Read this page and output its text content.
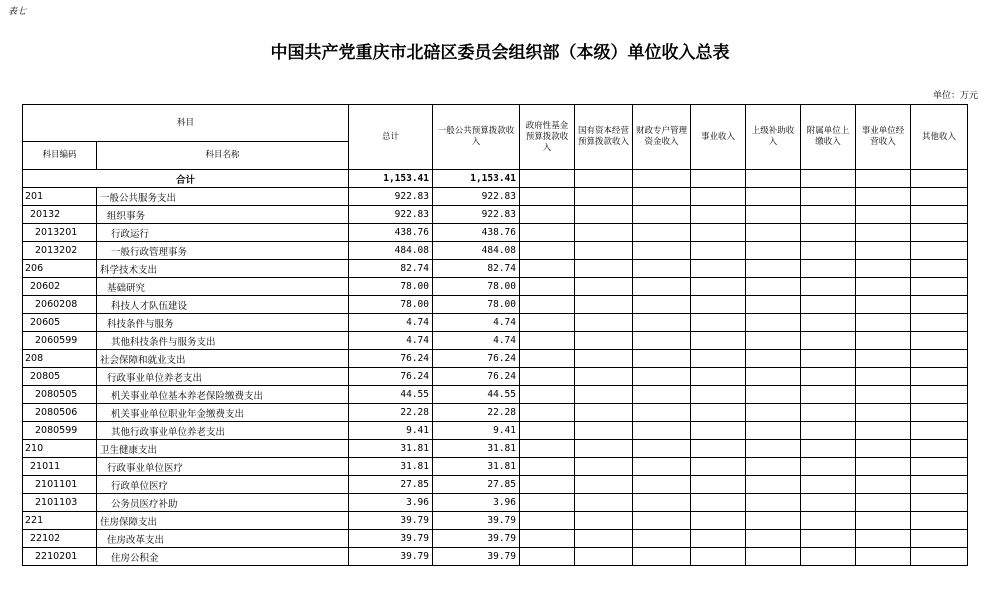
表七
中国共产党重庆市北碚区委员会组织部（本级）单位收入总表
单位：万元
科目		总计	一般公共预算拨款收入	政府性基金预算拨款收入	国有资本经营预算拨款收入	财政专户管理资金收入	事业收入	上级补助收入	附属单位上缴收入	事业单位经营收入	其他收入
科目编码	科目名称										
合计		1,153.41	1,153.41								
201	一般公共服务支出	922.83	922.83								
20132	组织事务	922.83	922.83								
2013201	行政运行	438.76	438.76								
2013202	一般行政管理事务	484.08	484.08								
206	科学技术支出	82.74	82.74								
20602	基础研究	78.00	78.00								
2060208	科技人才队伍建设	78.00	78.00								
20605	科技条件与服务	4.74	4.74								
2060599	其他科技条件与服务支出	4.74	4.74								
208	社会保障和就业支出	76.24	76.24								
20805	行政事业单位养老支出	76.24	76.24								
2080505	机关事业单位基本养老保险缴费支出	44.55	44.55								
2080506	机关事业单位职业年金缴费支出	22.28	22.28								
2080599	其他行政事业单位养老支出	9.41	9.41								
210	卫生健康支出	31.81	31.81								
21011	行政事业单位医疗	31.81	31.81								
2101101	行政单位医疗	27.85	27.85								
2101103	公务员医疗补助	3.96	3.96								
221	住房保障支出	39.79	39.79								
22102	住房改革支出	39.79	39.79								
2210201	住房公积金	39.79	39.79								
